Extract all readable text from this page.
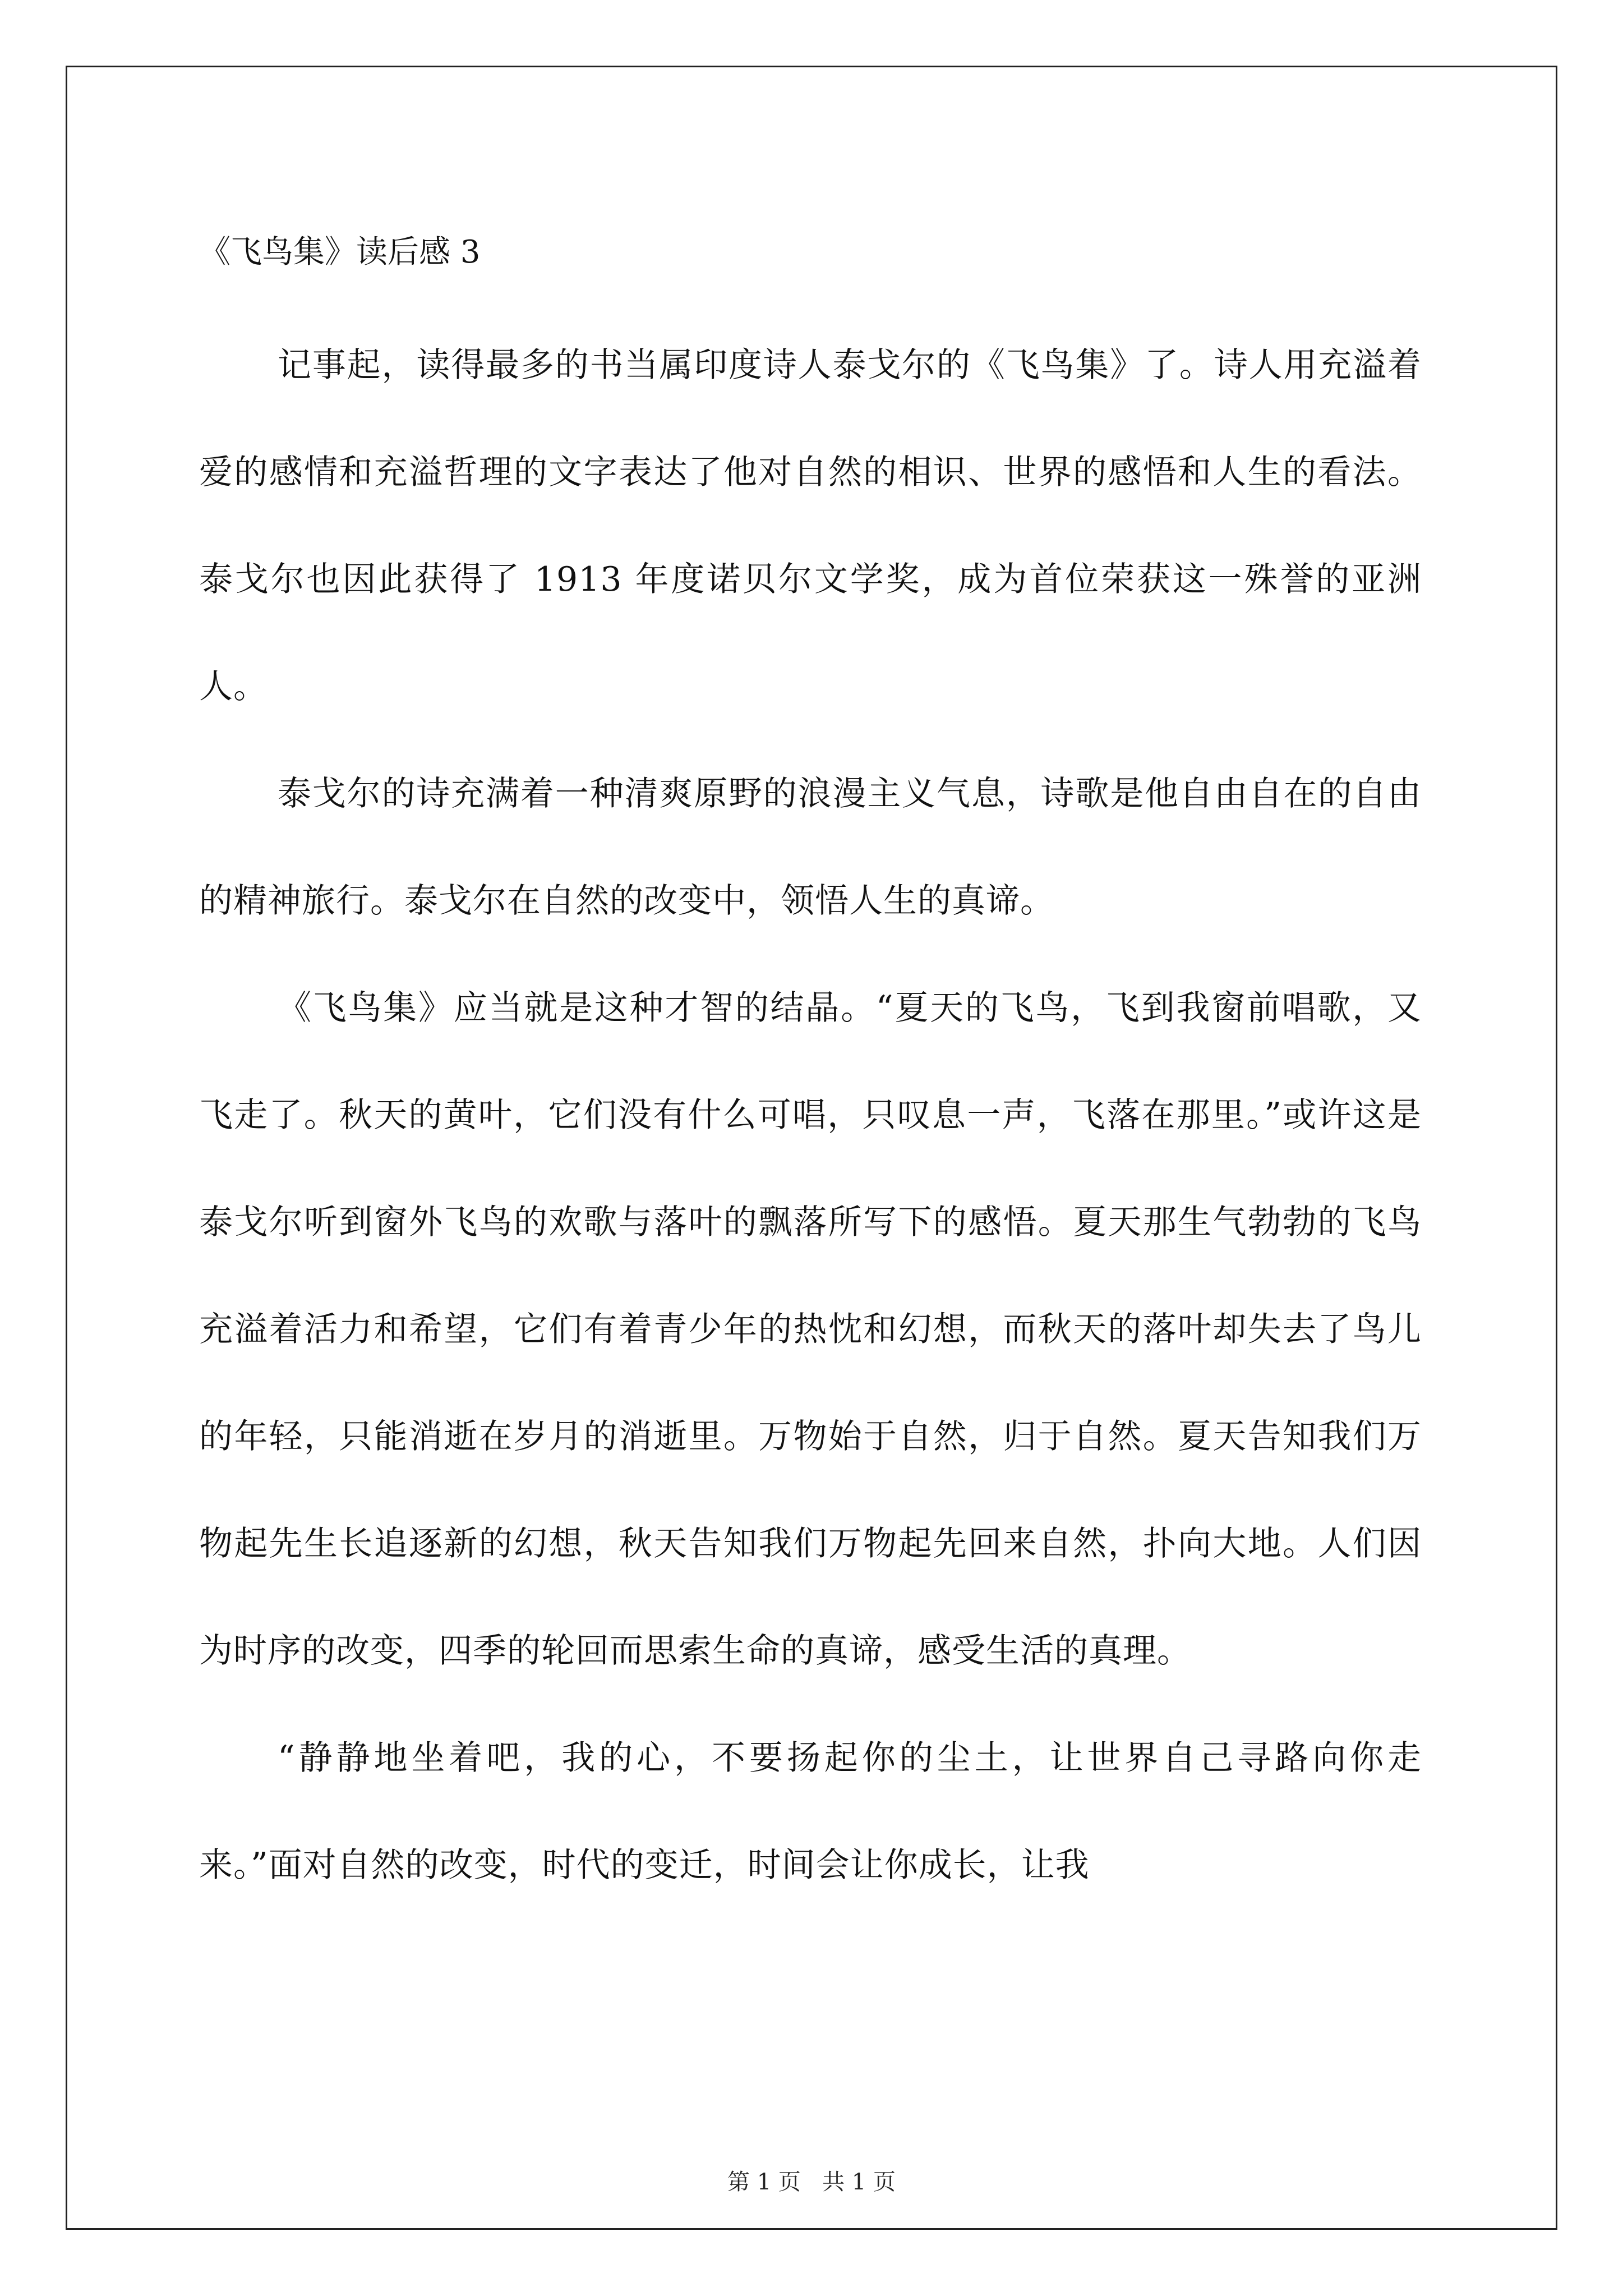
《飞鸟集》读后感 3

记事起，读得最多的书当属印度诗人泰戈尔的《飞鸟集》了。诗人用充溢着爱的感情和充溢哲理的文字表达了他对自然的相识、世界的感悟和人生的看法。泰戈尔也因此获得了 1913 年度诺贝尔文学奖，成为首位荣获这一殊誉的亚洲人。

泰戈尔的诗充满着一种清爽原野的浪漫主义气息，诗歌是他自由自在的自由的精神旅行。泰戈尔在自然的改变中，领悟人生的真谛。

《飞鸟集》应当就是这种才智的结晶。“夏天的飞鸟，飞到我窗前唱歌，又飞走了。秋天的黄叶，它们没有什么可唱，只叹息一声，飞落在那里。”或许这是泰戈尔听到窗外飞鸟的欢歌与落叶的飘落所写下的感悟。夏天那生气勃勃的飞鸟充溢着活力和希望，它们有着青少年的热忱和幻想，而秋天的落叶却失去了鸟儿的年轻，只能消逝在岁月的消逝里。万物始于自然，归于自然。夏天告知我们万物起先生长追逐新的幻想，秋天告知我们万物起先回来自然，扑向大地。人们因为时序的改变，四季的轮回而思索生命的真谛，感受生活的真理。

“静静地坐着吧，我的心，不要扬起你的尘土，让世界自己寻路向你走来。”面对自然的改变，时代的变迁，时间会让你成长，让我

第 1 页   共 1 页
